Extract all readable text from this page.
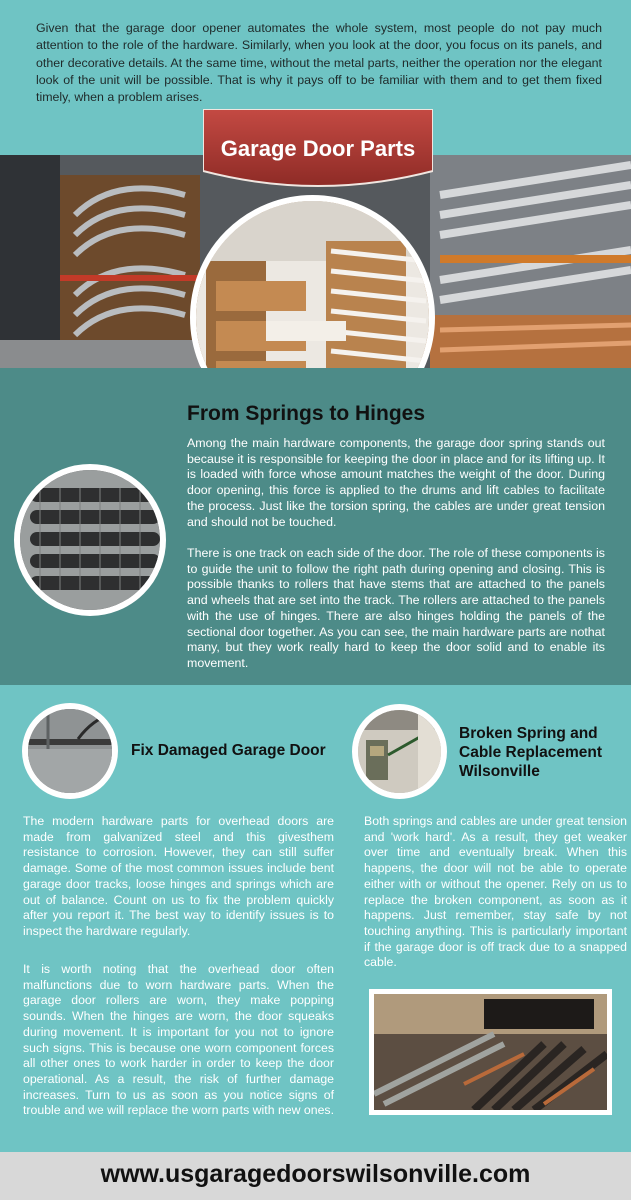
Given that the garage door opener automates the whole system, most people do not pay much attention to the role of the hardware. Similarly, when you look at the door, you focus on its panels, and other decorative details. At the same time, without the metal parts, neither the operation nor the elegant look of the unit will be possible. That is why it pays off to be familiar with them and to get them fixed timely, when a problem arises.

Garage Door Parts
From Springs to Hinges

Among the main hardware components, the garage door spring stands out because it is responsible for keeping the door in place and for its lifting up. It is loaded with force whose amount matches the weight of the door. During door opening, this force is applied to the drums and lift cables to facilitate the process. Just like the torsion spring, the cables are under great tension and should not be touched.

There is one track on each side of the door. The role of these components is to guide the unit to follow the right path during opening and closing. This is possible thanks to rollers that have stems that are attached to the panels and wheels that are set into the track. The rollers are attached to the panels with the use of hinges. There are also hinges holding the panels of the sectional door together. As you can see, the main hardware parts are nothat many, but they work really hard to keep the door solid and to enable its movement.

Fix Damaged Garage Door
Broken Spring and
Cable Replacement
Wilsonville

The modern hardware parts for overhead doors are made from galvanized steel and this givesthem resistance to corrosion. However, they can still suffer damage. Some of the most common issues include bent garage door tracks, loose hinges and springs which are out of balance. Count on us to fix the problem quickly after you report it. The best way to identify issues is to inspect the hardware regularly.

It is worth noting that the overhead door often malfunctions due to worn hardware parts. When the garage door rollers are worn, they make popping sounds. When the hinges are worn, the door squeaks during movement. It is important for you not to ignore such signs. This is because one worn component forces all other ones to work harder in order to keep the door operational. As a result, the risk of further damage increases. Turn to us as soon as you notice signs of trouble and we will replace the worn parts with new ones.

Both springs and cables are under great tension and 'work hard'. As a result, they get weaker over time and eventually break. When this happens, the door will not be able to operate either with or without the opener. Rely on us to replace the broken component, as soon as it happens. Just remember, stay safe by not touching anything. This is particularly important if the garage door is off track due to a snapped cable.

www.usgaragedoorswilsonville.com
